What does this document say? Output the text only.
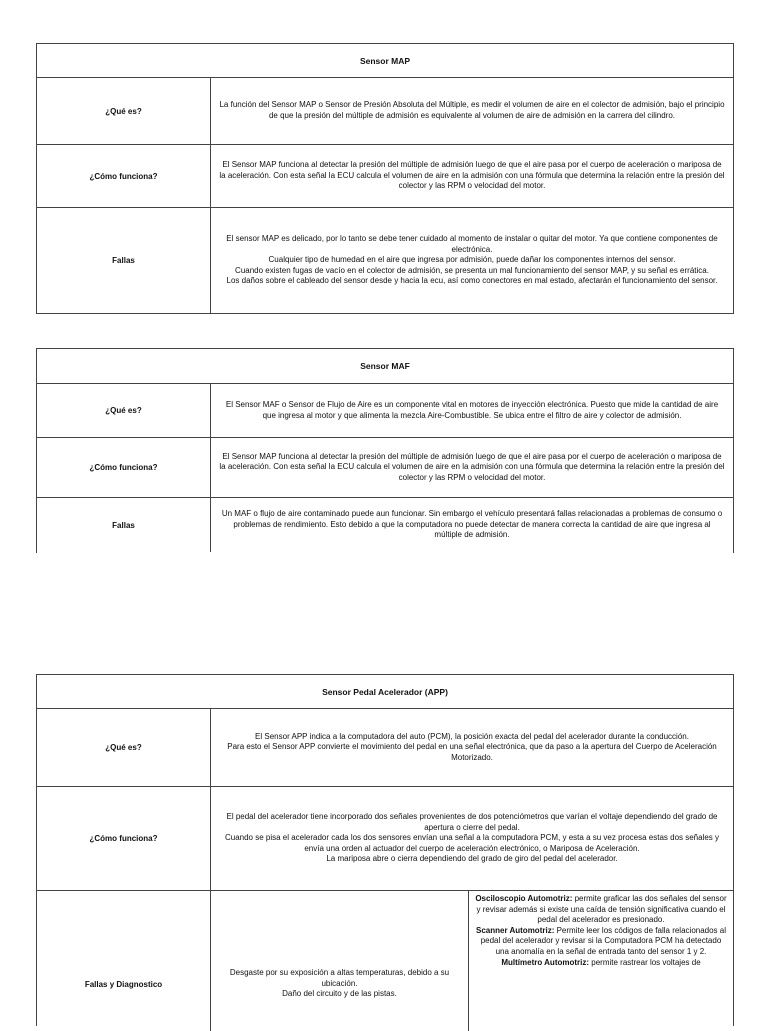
Sensor MAP
¿Qué es?

La función del Sensor MAP o Sensor de Presión Absoluta del Múltiple, es medir el volumen de aire en el colector de admisión, bajo el principio de que la presión del múltiple de admisión es equivalente al volumen de aire de admisión en la carrera del cilindro.

¿Cómo funciona?

El Sensor MAP funciona al detectar la presión del múltiple de admisión luego de que el aire pasa por el cuerpo de aceleración o mariposa de la aceleración. Con esta señal la ECU calcula el volumen de aire en la admisión con una fórmula que determina la relación entre la presión del colector y las RPM o velocidad del motor.

Fallas

El sensor MAP es delicado, por lo tanto se debe tener cuidado al momento de instalar o quitar del motor. Ya que contiene componentes de electrónica.

Cualquier tipo de humedad en el aire que ingresa por admisión, puede dañar los componentes internos del sensor.

Cuando existen fugas de vacío en el colector de admisión, se presenta un mal funcionamiento del sensor MAP, y su señal es errática.

Los daños sobre el cableado del sensor desde y hacia la ecu, así como conectores en mal estado, afectarán el funcionamiento del sensor.

Sensor MAF
¿Qué es?

El Sensor MAF o Sensor de Flujo de Aire es un componente vital en motores de inyección electrónica. Puesto que mide la cantidad de aire que ingresa al motor y que alimenta la mezcla Aire-Combustible. Se ubica entre el filtro de aire y colector de admisión.

¿Cómo funciona?

El Sensor MAP funciona al detectar la presión del múltiple de admisión luego de que el aire pasa por el cuerpo de aceleración o mariposa de la aceleración. Con esta señal la ECU calcula el volumen de aire en la admisión con una fórmula que determina la relación entre la presión del colector y las RPM o velocidad del motor.

Fallas

Un MAF o flujo de aire contaminado puede aun funcionar. Sin embargo el vehículo presentará fallas relacionadas a problemas de consumo o problemas de rendimiento. Esto debido a que la computadora no puede detectar de manera correcta la cantidad de aire que ingresa al múltiple de admisión.

Sensor Pedal Acelerador (APP)
¿Qué es?

El Sensor APP indica a la computadora del auto (PCM), la posición exacta del pedal del acelerador durante la conducción.

Para esto el Sensor APP convierte el movimiento del pedal en una señal electrónica, que da paso a la apertura del Cuerpo de Aceleración Motorizado.

¿Cómo funciona?

El pedal del acelerador tiene incorporado dos señales provenientes de dos potenciómetros que varían el voltaje dependiendo del grado de apertura o cierre del pedal.

Cuando se pisa el acelerador cada los dos sensores envían una señal a la computadora PCM, y esta a su vez procesa estas dos señales y envía una orden al actuador del cuerpo de aceleración electrónico, o Mariposa de Aceleración.

La mariposa abre o cierra dependiendo del grado de giro del pedal del acelerador.

Fallas y Diagnostico

Desgaste por su exposición a altas temperaturas, debido a su ubicación.

Daño del circuito y de las pistas.

Osciloscopio Automotriz: permite graficar las dos señales del sensor y revisar además si existe una caída de tensión significativa cuando el pedal del acelerador es presionado.

Scanner Automotriz: Permite leer los códigos de falla relacionados al pedal del acelerador y revisar si la Computadora PCM ha detectado una anomalía en la señal de entrada tanto del sensor 1 y 2.

Multímetro Automotriz: permite rastrear los voltajes de
